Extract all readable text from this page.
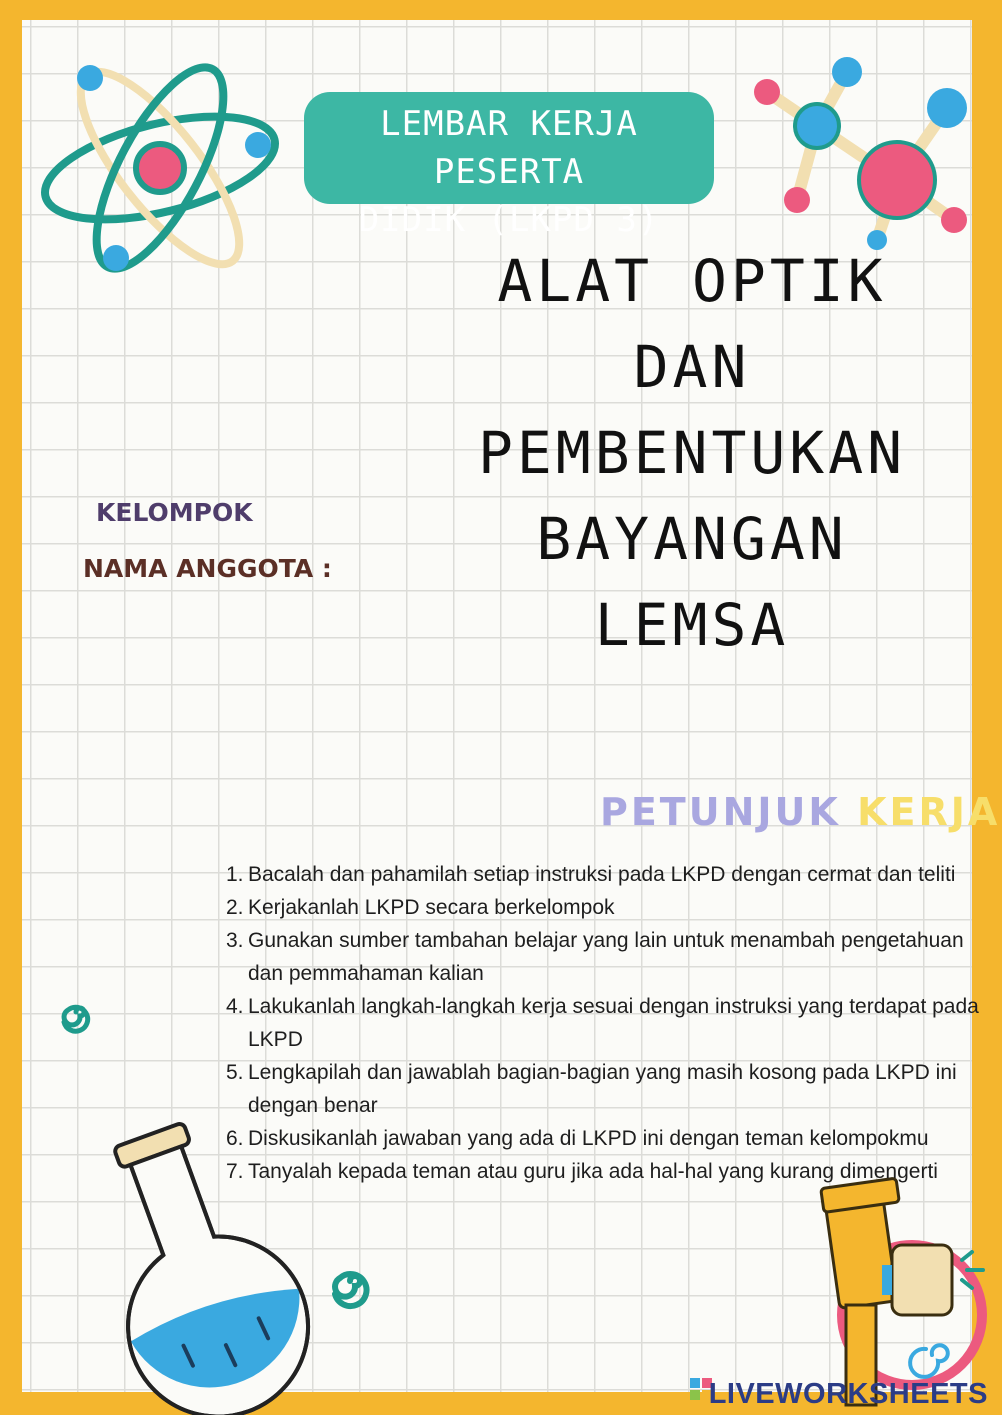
LEMBAR KERJA PESERTA
DIDIK (LKPD 3)
ALAT OPTIK DAN
PEMBENTUKAN
BAYANGAN LEMSA
KELOMPOK
NAMA ANGGOTA :
PETUNJUK KERJA
1. Bacalah dan pahamilah setiap instruksi pada LKPD dengan cermat dan teliti
2. Kerjakanlah LKPD secara berkelompok
3. Gunakan sumber tambahan belajar yang lain untuk menambah pengetahuan dan pemmahaman kalian
4. Lakukanlah langkah-langkah kerja sesuai dengan instruksi yang terdapat pada LKPD
5. Lengkapilah dan jawablah bagian-bagian yang masih kosong pada LKPD ini dengan benar
6. Diskusikanlah jawaban yang ada di LKPD ini dengan teman kelompokmu
7. Tanyalah kepada teman atau guru jika ada hal-hal yang kurang dimengerti
LIVEWORKSHEETS
